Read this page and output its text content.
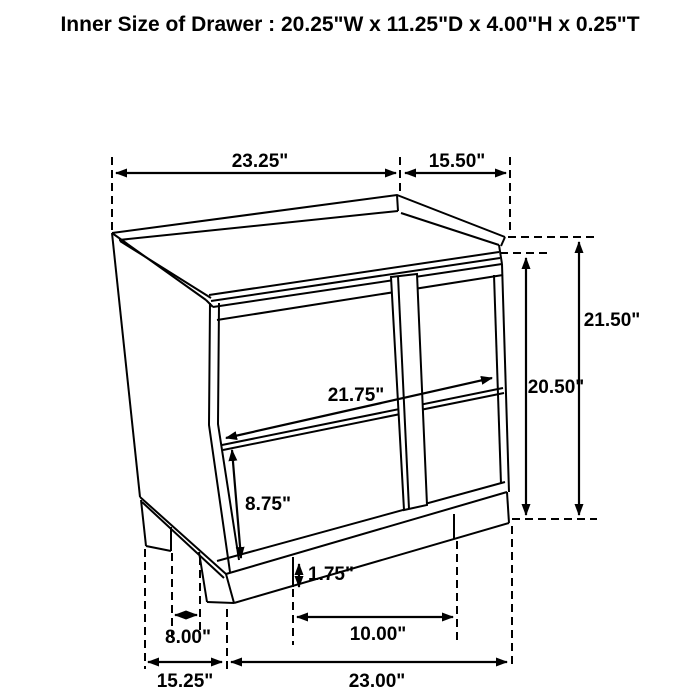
Inner Size of Drawer : 20.25"W x 11.25"D x 4.00"H x 0.25"T
23.25"	15.50"
21.50"
20.50"
21.75"
8.75"
1.75"
8.00"	10.00"
15.25"	23.00"
